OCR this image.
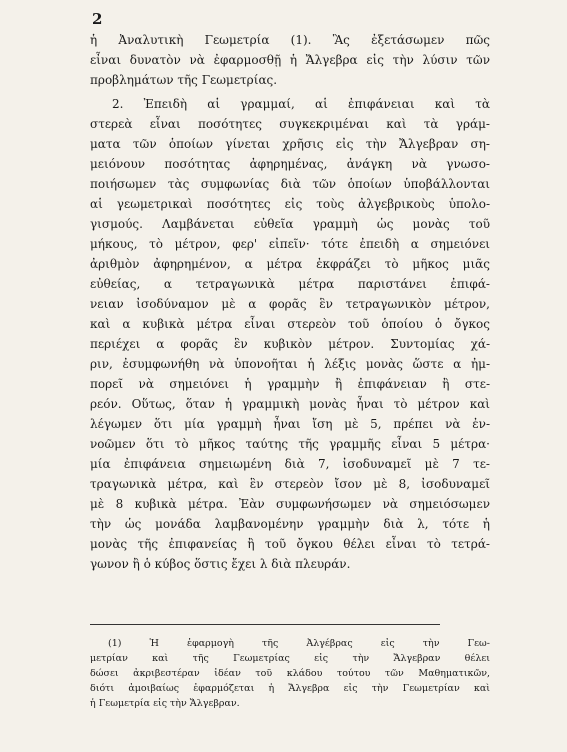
2
ἡ Ἀναλυτικὴ Γεωμετρία (1). Ἃς ἐξετάσωμεν πῶς
εἶναι δυνατὸν νὰ ἐφαρμοσθῇ ἡ Ἄλγεβρα εἰς τὴν λύσιν τῶν
προβλημάτων τῆς Γεωμετρίας.
2. Ἐπειδὴ αἱ γραμμαί, αἱ ἐπιφάνειαι καὶ τὰ
στερεὰ εἶναι ποσότητες συγκεκριμέναι καὶ τὰ γράμ-
ματα τῶν ὁποίων γίνεται χρῆσις εἰς τὴν Ἄλγεβραν ση-
μειόνουν ποσότητας ἀφηρημένας, ἀνάγκη νὰ γνωσο-
ποιήσωμεν τὰς συμφωνίας διὰ τῶν ὁποίων ὑποβάλλονται
αἱ γεωμετρικαὶ ποσότητες εἰς τοὺς ἀλγεβρικοὺς ὑπολο-
γισμούς. Λαμβάνεται εὐθεῖα γραμμὴ ὡς μονὰς τοῦ
μήκους, τὸ μέτρον, φερ' εἰπεῖν· τότε ἐπειδὴ α σημειόνει
ἀριθμὸν ἀφηρημένον, α μέτρα ἐκφράζει τὸ μῆκος μιᾶς
εὐθείας, α τετραγωνικὰ μέτρα παριστάνει ἐπιφά-
νειαν ἰσοδύναμον μὲ α φορᾶς ἓν τετραγωνικὸν μέτρον,
καὶ α κυβικὰ μέτρα εἶναι στερεὸν τοῦ ὁποίου ὁ ὄγκος
περιέχει α φορᾶς ἓν κυβικὸν μέτρον. Συντομίας χά-
ριν, ἐσυμφωνήθη νὰ ὑπονοῆται ἡ λέξις μονὰς ὥστε α ἠμ-
πορεῖ νὰ σημειόνει ἡ γραμμὴν ἢ ἐπιφάνειαν ἢ στε-
ρεόν. Οὕτως, ὅταν ἡ γραμμικὴ μονὰς ἦναι τὸ μέτρον καὶ
λέγωμεν ὅτι μία γραμμὴ ἦναι ἴση μὲ 5, πρέπει νὰ ἐν-
νοῶμεν ὅτι τὸ μῆκος ταύτης τῆς γραμμῆς εἶναι 5 μέτρα·
μία ἐπιφάνεια σημειωμένη διὰ 7, ἰσοδυναμεῖ μὲ 7 τε-
τραγωνικὰ μέτρα, καὶ ἓν στερεὸν ἴσον μὲ 8, ἰσοδυναμεῖ
μὲ 8 κυβικὰ μέτρα. Ἐὰν συμφωνήσωμεν νὰ σημειόσωμεν
τὴν ὡς μονάδα λαμβανομένην γραμμὴν διὰ λ, τότε ἡ
μονὰς τῆς ἐπιφανείας ἢ τοῦ ὄγκου θέλει εἶναι τὸ τετρά-
γωνον ἢ ὁ κύβος ὅστις ἔχει λ διὰ πλευράν.
(1) Ἡ ἐφαρμογὴ τῆς Ἀλγέβρας εἰς τὴν Γεω-
μετρίαν καὶ τῆς Γεωμετρίας εἰς τὴν Ἄλγεβραν θέλει
δώσει ἀκριβεστέραν ἰδέαν τοῦ κλάδου τούτου τῶν Μαθηματικῶν,
διότι ἀμοιβαίως ἐφαρμόζεται ἡ Ἄλγεβρα εἰς τὴν Γεωμετρίαν καὶ
ἡ Γεωμετρία εἰς τὴν Ἄλγεβραν.
